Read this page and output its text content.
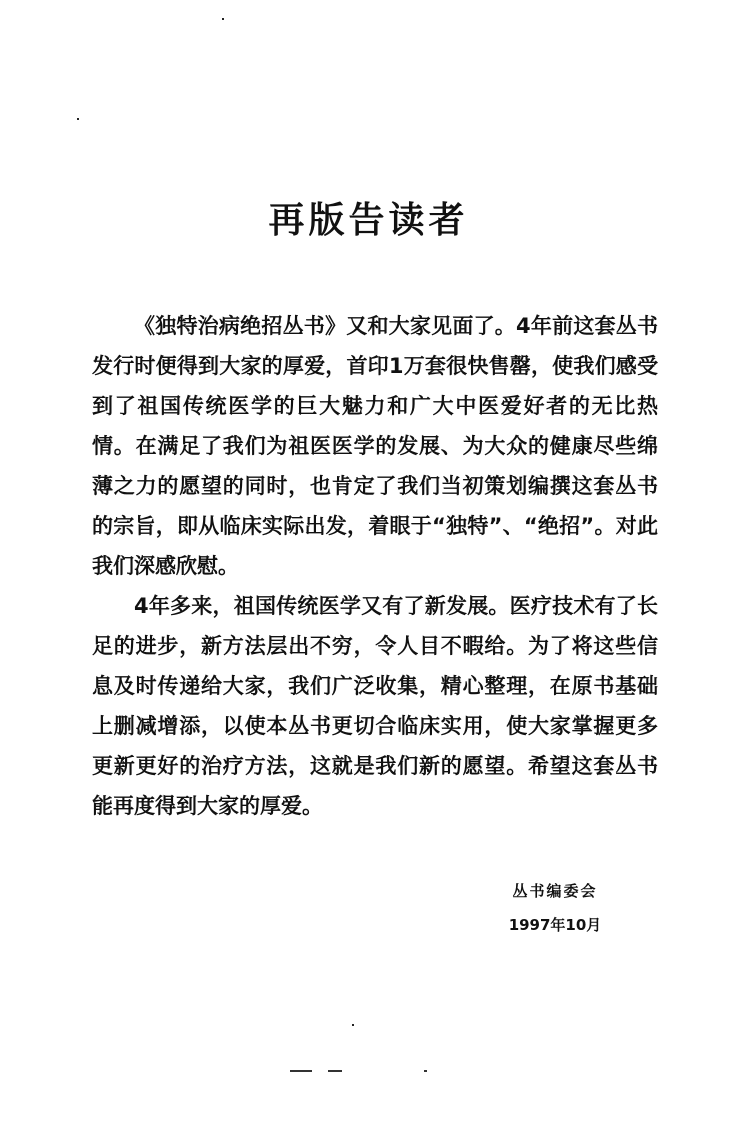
再版告读者

《独特治病绝招丛书》又和大家见面了。4年前这套丛书发行时便得到大家的厚爱，首印1万套很快售罄，使我们感受到了祖国传统医学的巨大魅力和广大中医爱好者的无比热情。在满足了我们为祖医医学的发展、为大众的健康尽些绵薄之力的愿望的同时，也肯定了我们当初策划编撰这套丛书的宗旨，即从临床实际出发，着眼于“独特”、“绝招”。对此我们深感欣慰。

4年多来，祖国传统医学又有了新发展。医疗技术有了长足的进步，新方法层出不穷，令人目不暇给。为了将这些信息及时传递给大家，我们广泛收集，精心整理，在原书基础上删减增添，以使本丛书更切合临床实用，使大家掌握更多更新更好的治疗方法，这就是我们新的愿望。希望这套丛书能再度得到大家的厚爱。

丛书编委会
1997年10月
